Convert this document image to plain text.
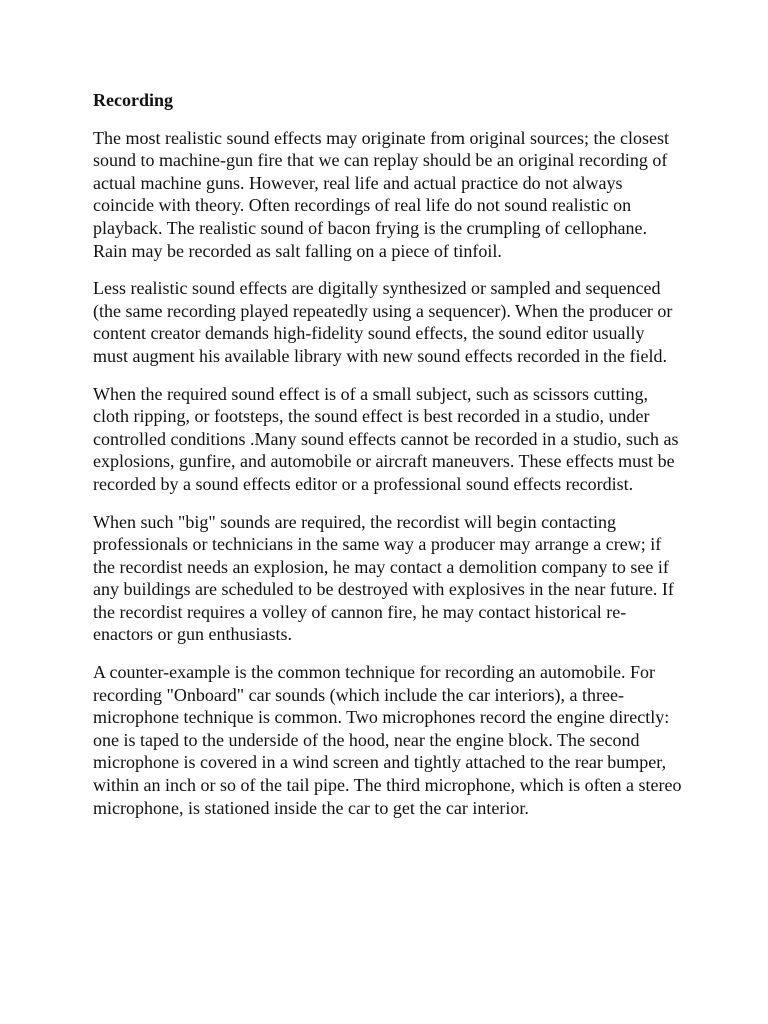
Recording

The most realistic sound effects may originate from original sources; the closest sound to machine-gun fire that we can replay should be an original recording of actual machine guns. However, real life and actual practice do not always coincide with theory. Often recordings of real life do not sound realistic on playback. The realistic sound of bacon frying is the crumpling of cellophane. Rain may be recorded as salt falling on a piece of tinfoil.

Less realistic sound effects are digitally synthesized or sampled and sequenced (the same recording played repeatedly using a sequencer). When the producer or content creator demands high-fidelity sound effects, the sound editor usually must augment his available library with new sound effects recorded in the field.

When the required sound effect is of a small subject, such as scissors cutting, cloth ripping, or footsteps, the sound effect is best recorded in a studio, under controlled conditions .Many sound effects cannot be recorded in a studio, such as explosions, gunfire, and automobile or aircraft maneuvers. These effects must be recorded by a sound effects editor or a professional sound effects recordist.

When such "big" sounds are required, the recordist will begin contacting professionals or technicians in the same way a producer may arrange a crew; if the recordist needs an explosion, he may contact a demolition company to see if any buildings are scheduled to be destroyed with explosives in the near future. If the recordist requires a volley of cannon fire, he may contact historical re-enactors or gun enthusiasts.

A counter-example is the common technique for recording an automobile. For recording "Onboard" car sounds (which include the car interiors), a three-microphone technique is common. Two microphones record the engine directly: one is taped to the underside of the hood, near the engine block. The second microphone is covered in a wind screen and tightly attached to the rear bumper, within an inch or so of the tail pipe. The third microphone, which is often a stereo microphone, is stationed inside the car to get the car interior.
